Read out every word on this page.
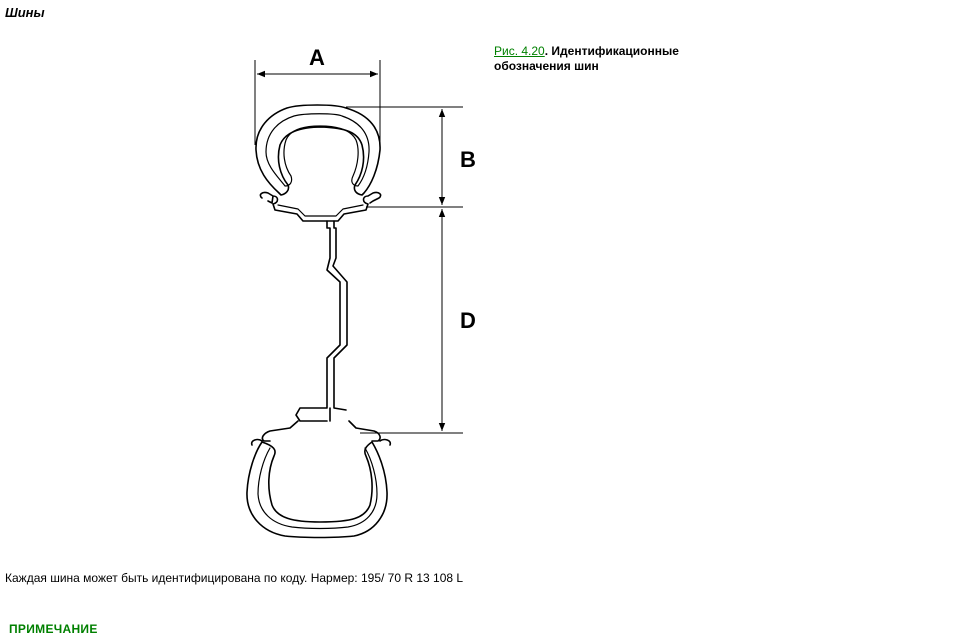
Шины
A
B
D
Рис. 4.20. Идентификационные обозначения шин
Каждая шина может быть идентифицирована по коду. Нармер: 195/ 70 R 13 108 L
ПРИМЕЧАНИЕ
